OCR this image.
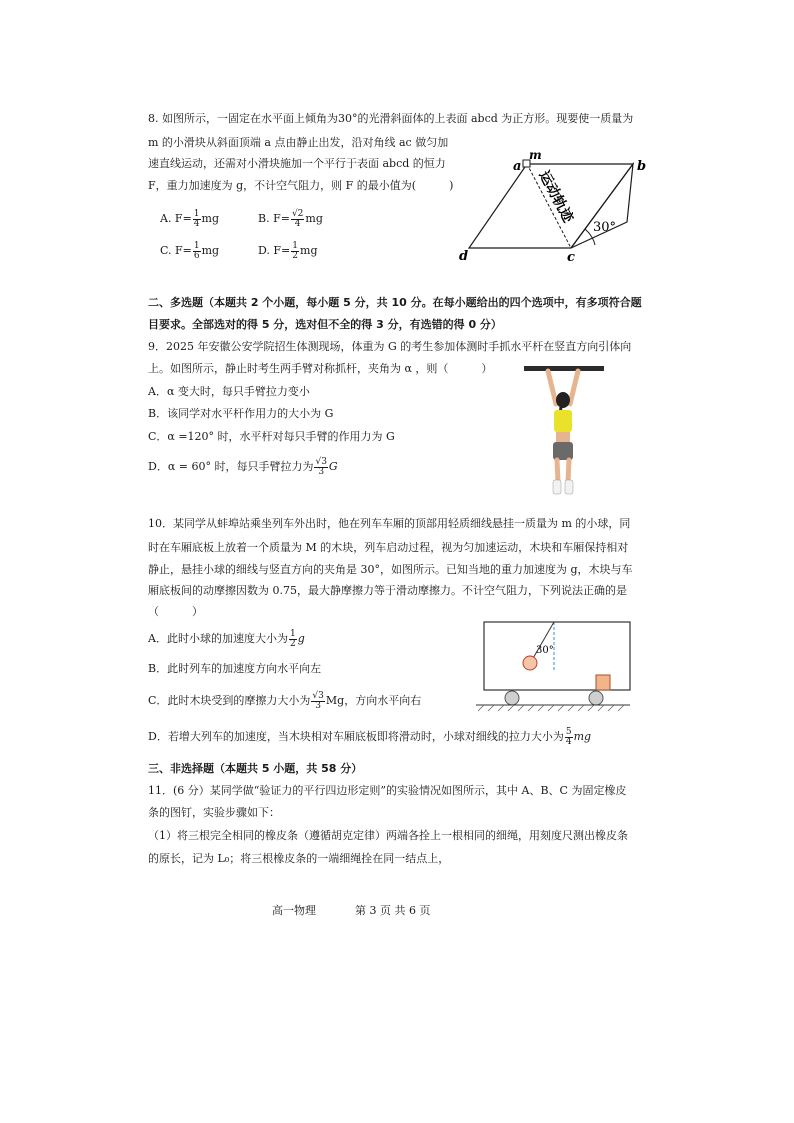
8. 如图所示，一固定在水平面上倾角为30°的光滑斜面体的上表面 abcd 为正方形。现要使一质量为
m 的小滑块从斜面顶端 a 点由静止出发，沿对角线 ac 做匀加
速直线运动，还需对小滑块施加一个平行于表面 abcd 的恒力
F，重力加速度为 g，不计空气阻力，则 F 的最小值为(　　　)
A. $F= \frac{1}{4}$ mg	B. $F= \frac{√2}{4}$ mg
C. $F= \frac{1}{6}$ mg	D. $F= \frac{1}{2}$ mg
a
m
b
c
d
运动轨迹
30°
二、多选题（本题共 2 个小题，每小题 5 分，共 10 分。在每小题给出的四个选项中，有多项符合题
目要求。全部选对的得 5 分，选对但不全的得 3 分，有选错的得 0 分）
9．2025 年安徽公安学院招生体测现场，体重为 G 的考生参加体测时手抓水平杆在竖直方向引体向
上。如图所示，静止时考生两手臂对称抓杆，夹角为 α ，则（　　　）
A．α 变大时，每只手臂拉力变小
B．该同学对水平杆作用力的大小为 G
C．α =120° 时，水平杆对每只手臂的作用力为 G
D．α = 60° 时，每只手臂拉力为 $\frac{√3}{3}$ G
10．某同学从蚌埠站乘坐列车外出时，他在列车车厢的顶部用轻质细线悬挂一质量为 m 的小球，同
时在车厢底板上放着一个质量为 M 的木块，列车启动过程，视为匀加速运动，木块和车厢保持相对
静止，悬挂小球的细线与竖直方向的夹角是 30°，如图所示。已知当地的重力加速度为 g，木块与车
厢底板间的动摩擦因数为 0.75，最大静摩擦力等于滑动摩擦力。不计空气阻力，下列说法正确的是
（　　　）
A．此时小球的加速度大小为 $\frac{1}{2}$ g
B．此时列车的加速度方向水平向左
C．此时木块受到的摩擦力大小为 $\frac{√3}{3}$ Mg，方向水平向右
D．若增大列车的加速度，当木块相对车厢底板即将滑动时，小球对细线的拉力大小为 $\frac{5}{4}$ mg
30°
三、非选择题（本题共 5 小题，共 58 分）
11．(6 分）某同学做“验证力的平行四边形定则”的实验情况如图所示，其中 A、B、C 为固定橡皮
条的图钉，实验步骤如下：
（1）将三根完全相同的橡皮条（遵循胡克定律）两端各拴上一根相同的细绳，用刻度尺测出橡皮条
的原长，记为 L₀；将三根橡皮条的一端细绳拴在同一结点上，
高一物理	第 3 页 共 6 页
